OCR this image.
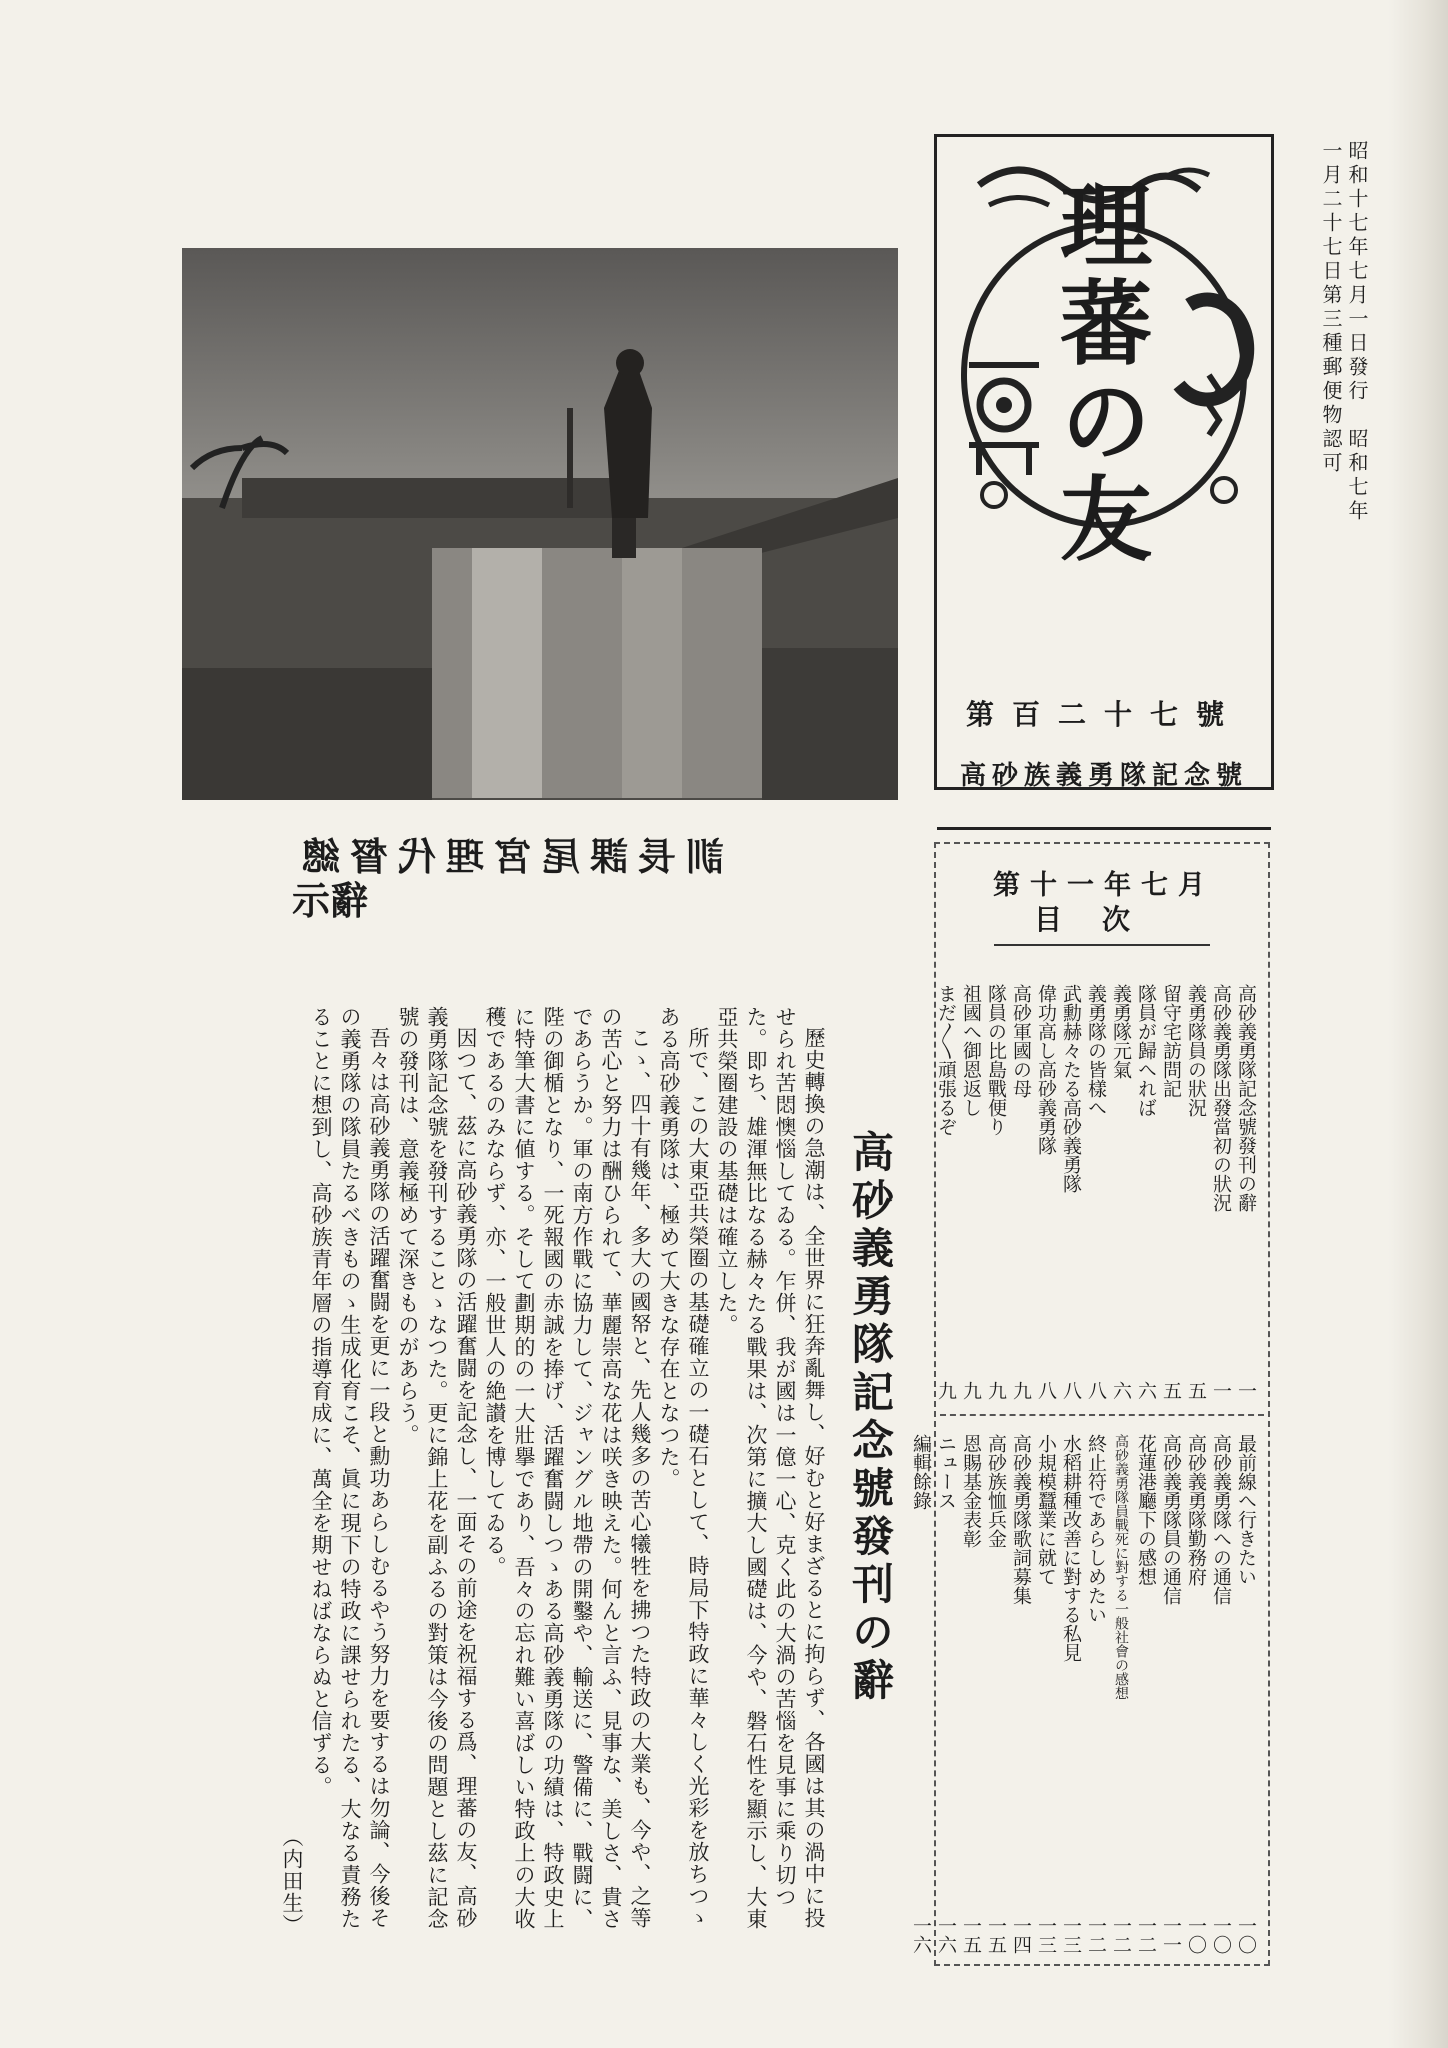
昭和十七年七月一日發行　昭和七年一月二十七日第三種郵便物認可
理蕃の友
第百二十七號
高砂族義勇隊記念號
第十一年七月
總督代理宮尾課長訓
示辭	目次
高砂義勇隊記念號發刊の辭
一
高砂義勇隊出發當初の狀況
一
義勇隊員の狀況
五
留守宅訪問記
五
隊員が歸へれば
六
義勇隊元氣
六
義勇隊の皆樣へ
八
武勳赫々たる高砂義勇隊
八
偉功高し高砂義勇隊
八
高砂軍國の母
九
隊員の比島戰便り
九
祖國へ御恩返し
九
まだ〳〵頑張るぞ
九
最前線へ行きたい
一〇
高砂義勇隊への通信
一〇
高砂義勇隊勤務府
一〇
高砂義勇隊員の通信
一一
花蓮港廳下の感想
一二
高砂義勇隊員戰死に對する一般社會の感想
一二
終止符であらしめたい
一二
水稻耕種改善に對する私見
一三
小規模蠶業に就て
一三
高砂義勇隊歌詞募集
一四
高砂族恤兵金
一五
恩賜基金表彰
一五
ニュース
一六
編輯餘錄
一六
高砂義勇隊記念號發刊の辭

歷史轉換の急潮は、全世界に狂奔亂舞し、好むと好まざるとに拘らず、各國は其の渦中に投せられ苦悶懊惱してゐる。乍併、我が國は一億一心、克く此の大渦の苦惱を見事に乘り切つた。即ち、雄渾無比なる赫々たる戰果は、次第に擴大し國礎は、今や、磐石性を顯示し、大東亞共榮圈建設の基礎は確立した。

所で、この大東亞共榮圈の基礎確立の一礎石として、時局下特政に華々しく光彩を放ちつゝある高砂義勇隊は、極めて大きな存在となつた。

こゝ、四十有幾年、多大の國帑と、先人幾多の苦心犧牲を拂つた特政の大業も、今や、之等の苦心と努力は酬ひられて、華麗崇高な花は咲き映えた。何んと言ふ、見事な、美しさ、貴さであらうか。軍の南方作戰に協力して、ジャングル地帶の開鑿や、輸送に、警備に、戰闘に、陛の御楯となり、一死報國の赤誠を捧げ、活躍奮闘しつゝある高砂義勇隊の功績は、特政史上に特筆大書に値する。そして劃期的の一大壯擧であり、吾々の忘れ難い喜ばしい特政上の大收穫であるのみならず、亦、一般世人の絶讃を博してゐる。

因つて、茲に高砂義勇隊の活躍奮闘を記念し、一面その前途を祝福する爲、理蕃の友、高砂義勇隊記念號を發刊することゝなつた。更に錦上花を副ふるの對策は今後の問題とし茲に記念號の發刊は、意義極めて深きものがあらう。

吾々は高砂義勇隊の活躍奮闘を更に一段と勳功あらしむるやう努力を要するは勿論、今後その義勇隊の隊員たるべきものゝ生成化育こそ、眞に現下の特政に課せられたる、大なる責務たることに想到し、高砂族青年層の指導育成に、萬全を期せねばならぬと信ずる。

（内田生）
